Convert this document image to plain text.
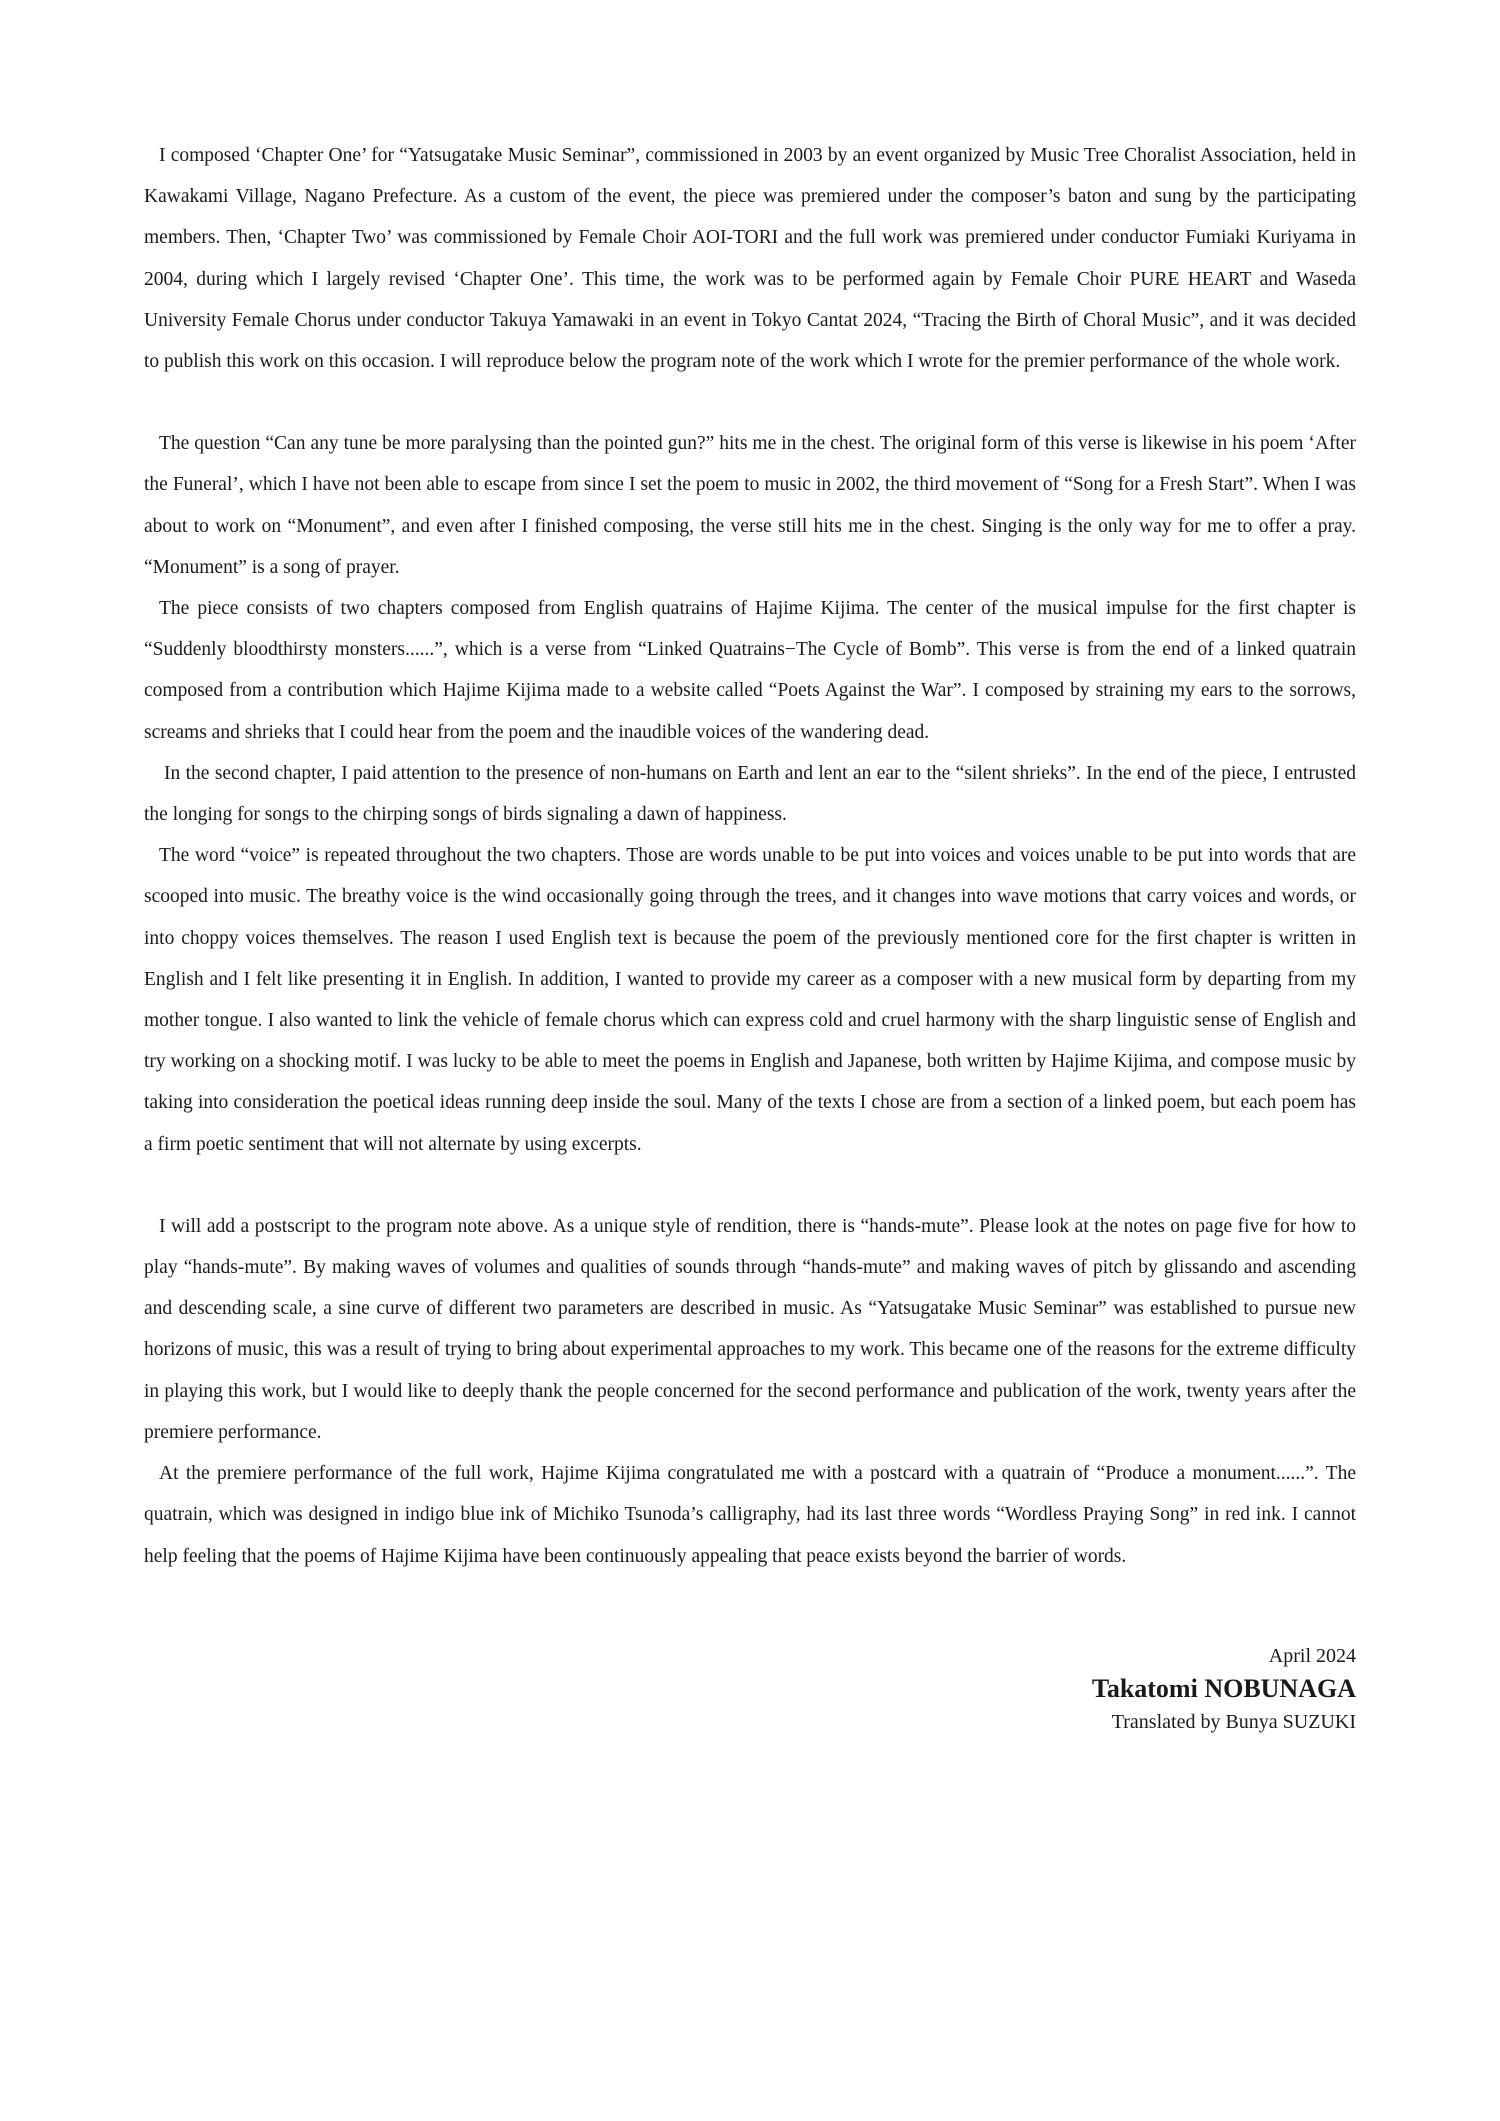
I composed ‘Chapter One’ for “Yatsugatake Music Seminar”, commissioned in 2003 by an event organized by Music Tree Choralist Association, held in Kawakami Village, Nagano Prefecture. As a custom of the event, the piece was premiered under the composer’s baton and sung by the participating members. Then, ‘Chapter Two’ was commissioned by Female Choir AOI-TORI and the full work was premiered under conductor Fumiaki Kuriyama in 2004, during which I largely revised ‘Chapter One’. This time, the work was to be performed again by Female Choir PURE HEART and Waseda University Female Chorus under conductor Takuya Yamawaki in an event in Tokyo Cantat 2024, “Tracing the Birth of Choral Music”, and it was decided to publish this work on this occasion. I will reproduce below the program note of the work which I wrote for the premier performance of the whole work.

The question “Can any tune be more paralysing than the pointed gun?” hits me in the chest. The original form of this verse is likewise in his poem ‘After the Funeral’, which I have not been able to escape from since I set the poem to music in 2002, the third movement of “Song for a Fresh Start”. When I was about to work on “Monument”, and even after I finished composing, the verse still hits me in the chest. Singing is the only way for me to offer a pray. “Monument” is a song of prayer.

The piece consists of two chapters composed from English quatrains of Hajime Kijima. The center of the musical impulse for the first chapter is “Suddenly bloodthirsty monsters......”, which is a verse from “Linked Quatrains−The Cycle of Bomb”. This verse is from the end of a linked quatrain composed from a contribution which Hajime Kijima made to a website called “Poets Against the War”. I composed by straining my ears to the sorrows, screams and shrieks that I could hear from the poem and the inaudible voices of the wandering dead.

In the second chapter, I paid attention to the presence of non-humans on Earth and lent an ear to the “silent shrieks”. In the end of the piece, I entrusted the longing for songs to the chirping songs of birds signaling a dawn of happiness.

The word “voice” is repeated throughout the two chapters. Those are words unable to be put into voices and voices unable to be put into words that are scooped into music. The breathy voice is the wind occasionally going through the trees, and it changes into wave motions that carry voices and words, or into choppy voices themselves. The reason I used English text is because the poem of the previously mentioned core for the first chapter is written in English and I felt like presenting it in English. In addition, I wanted to provide my career as a composer with a new musical form by departing from my mother tongue. I also wanted to link the vehicle of female chorus which can express cold and cruel harmony with the sharp linguistic sense of English and try working on a shocking motif. I was lucky to be able to meet the poems in English and Japanese, both written by Hajime Kijima, and compose music by taking into consideration the poetical ideas running deep inside the soul. Many of the texts I chose are from a section of a linked poem, but each poem has a firm poetic sentiment that will not alternate by using excerpts.

I will add a postscript to the program note above. As a unique style of rendition, there is “hands-mute”. Please look at the notes on page five for how to play “hands-mute”. By making waves of volumes and qualities of sounds through “hands-mute” and making waves of pitch by glissando and ascending and descending scale, a sine curve of different two parameters are described in music. As “Yatsugatake Music Seminar” was established to pursue new horizons of music, this was a result of trying to bring about experimental approaches to my work. This became one of the reasons for the extreme difficulty in playing this work, but I would like to deeply thank the people concerned for the second performance and publication of the work, twenty years after the premiere performance.

At the premiere performance of the full work, Hajime Kijima congratulated me with a postcard with a quatrain of “Produce a monument......”. The quatrain, which was designed in indigo blue ink of Michiko Tsunoda’s calligraphy, had its last three words “Wordless Praying Song” in red ink. I cannot help feeling that the poems of Hajime Kijima have been continuously appealing that peace exists beyond the barrier of words.

April 2024
Takatomi NOBUNAGA
Translated by Bunya SUZUKI
